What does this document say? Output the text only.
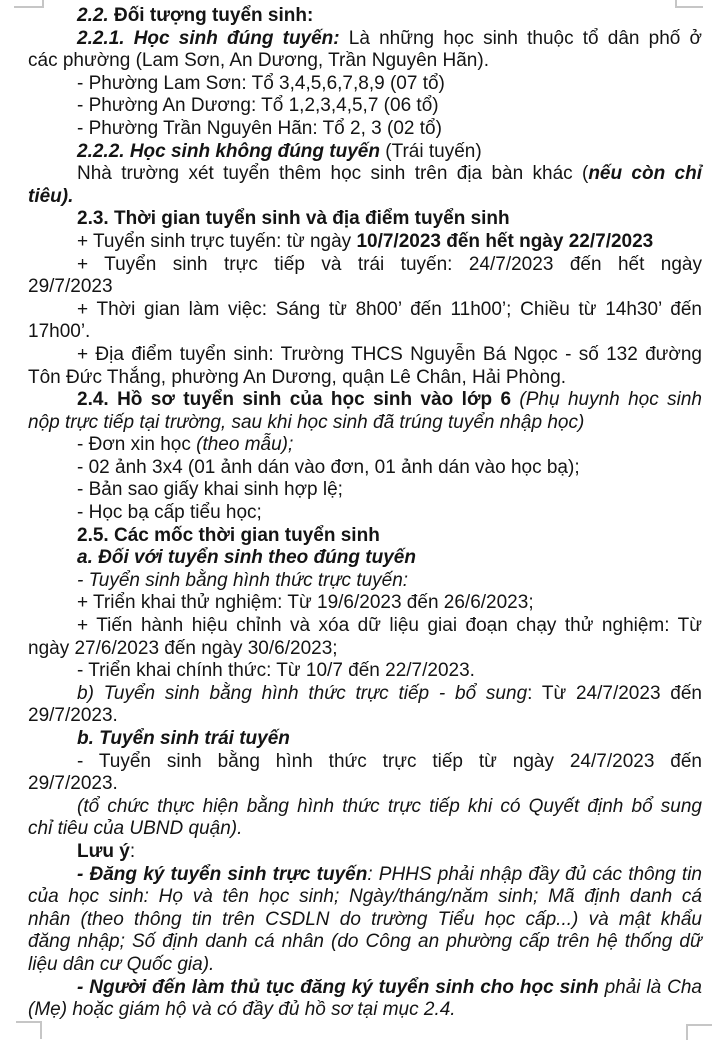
2.2. Đối tượng tuyển sinh:
2.2.1. Học sinh đúng tuyến: Là những học sinh thuộc tổ dân phố ở
các phường (Lam Sơn, An Dương, Trần Nguyên Hãn).
- Phường Lam Sơn: Tổ 3,4,5,6,7,8,9 (07 tổ)
- Phường An Dương: Tổ 1,2,3,4,5,7 (06 tổ)
- Phường Trần Nguyên Hãn: Tổ 2, 3 (02 tổ)
2.2.2. Học sinh không đúng tuyến (Trái tuyến)
Nhà trường xét tuyển thêm học sinh trên địa bàn khác (nếu còn chỉ
tiêu).
2.3. Thời gian tuyển sinh và địa điểm tuyển sinh
+ Tuyển sinh trực tuyến: từ ngày 10/7/2023 đến hết ngày 22/7/2023
+ Tuyển sinh trực tiếp và trái tuyến: 24/7/2023 đến hết ngày
29/7/2023
+ Thời gian làm việc: Sáng từ 8h00’ đến 11h00’; Chiều từ 14h30’ đến
17h00’.
+ Địa điểm tuyển sinh: Trường THCS Nguyễn Bá Ngọc - số 132 đường
Tôn Đức Thắng, phường An Dương, quận Lê Chân, Hải Phòng.
2.4. Hồ sơ tuyển sinh của học sinh vào lớp 6 (Phụ huynh học sinh
nộp trực tiếp tại trường, sau khi học sinh đã trúng tuyển nhập học)
- Đơn xin học (theo mẫu);
- 02 ảnh 3x4 (01 ảnh dán vào đơn, 01 ảnh dán vào học bạ);
- Bản sao giấy khai sinh hợp lệ;
- Học bạ cấp tiểu học;
2.5. Các mốc thời gian tuyển sinh
a. Đối với tuyển sinh theo đúng tuyến
- Tuyển sinh bằng hình thức trực tuyến:
+ Triển khai thử nghiệm: Từ 19/6/2023 đến 26/6/2023;
+ Tiến hành hiệu chỉnh và xóa dữ liệu giai đoạn chạy thử nghiệm: Từ
ngày 27/6/2023 đến ngày 30/6/2023;
- Triển khai chính thức: Từ 10/7 đến 22/7/2023.
b) Tuyển sinh bằng hình thức trực tiếp - bổ sung: Từ 24/7/2023 đến
29/7/2023.
b. Tuyển sinh trái tuyến
- Tuyển sinh bằng hình thức trực tiếp từ ngày 24/7/2023 đến
29/7/2023.
(tổ chức thực hiện bằng hình thức trực tiếp khi có Quyết định bổ sung
chỉ tiêu của UBND quận).
Lưu ý:
- Đăng ký tuyển sinh trực tuyến: PHHS phải nhập đầy đủ các thông tin
của học sinh: Họ và tên học sinh; Ngày/tháng/năm sinh; Mã định danh cá
nhân (theo thông tin trên CSDLN do trường Tiểu học cấp...) và mật khẩu
đăng nhập; Số định danh cá nhân (do Công an phường cấp trên hệ thống dữ
liệu dân cư Quốc gia).
- Người đến làm thủ tục đăng ký tuyển sinh cho học sinh phải là Cha
(Mẹ) hoặc giám hộ và có đầy đủ hồ sơ tại mục 2.4.
